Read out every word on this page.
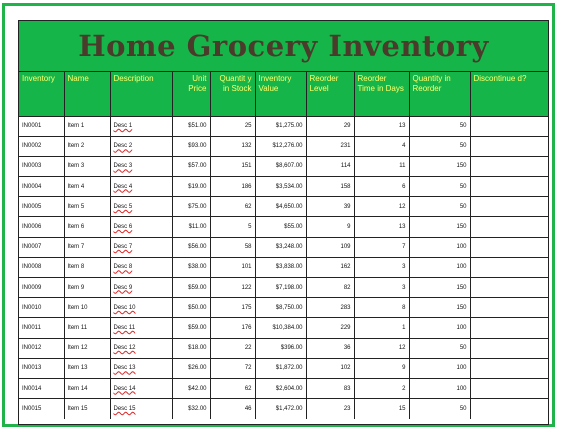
Home Grocery Inventory
Inventory	Name	Description	Unit Price	Quantit y in Stock	Inventory Value	Reorder Level	Reorder Time in Days	Quantity in Reorder	Discontinue d?
IN0001	Item 1	Desc 1	$51.00	25	$1,275.00	29	13	50	
IN0002	Item 2	Desc 2	$93.00	132	$12,276.00	231	4	50	
IN0003	Item 3	Desc 3	$57.00	151	$8,607.00	114	11	150	
IN0004	Item 4	Desc 4	$19.00	186	$3,534.00	158	6	50	
IN0005	Item 5	Desc 5	$75.00	62	$4,650.00	39	12	50	
IN0006	Item 6	Desc 6	$11.00	5	$55.00	9	13	150	
IN0007	Item 7	Desc 7	$56.00	58	$3,248.00	109	7	100	
IN0008	Item 8	Desc 8	$38.00	101	$3,838.00	162	3	100	
IN0009	Item 9	Desc 9	$59.00	122	$7,198.00	82	3	150	
IN0010	Item 10	Desc 10	$50.00	175	$8,750.00	283	8	150	
IN0011	Item 11	Desc 11	$59.00	176	$10,384.00	229	1	100	
IN0012	Item 12	Desc 12	$18.00	22	$396.00	36	12	50	
IN0013	Item 13	Desc 13	$26.00	72	$1,872.00	102	9	100	
IN0014	Item 14	Desc 14	$42.00	62	$2,604.00	83	2	100	
IN0015	Item 15	Desc 15	$32.00	46	$1,472.00	23	15	50	
